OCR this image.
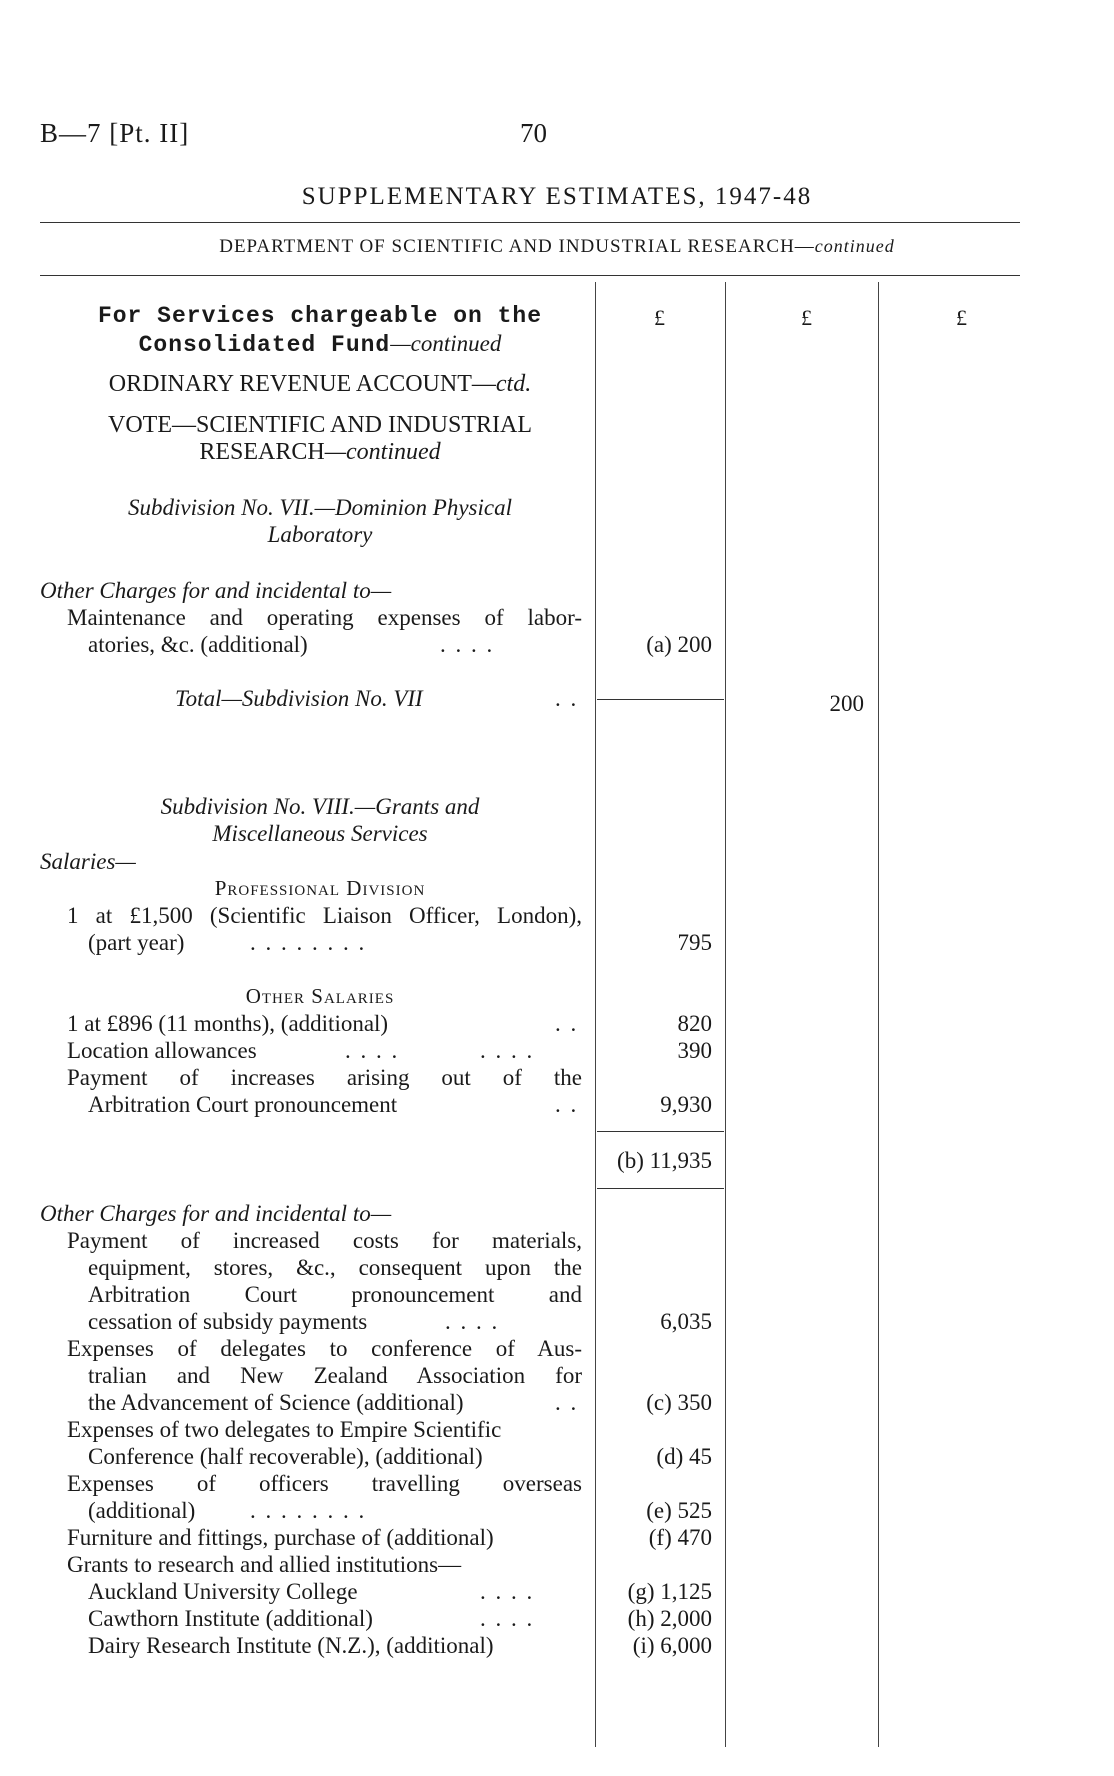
B—7 [Pt. II]	70
SUPPLEMENTARY ESTIMATES, 1947-48
DEPARTMENT OF SCIENTIFIC AND INDUSTRIAL RESEARCH—continued
£	£	£
For Services chargeable on the
Consolidated Fund—continued
ORDINARY REVENUE ACCOUNT—ctd.
VOTE—SCIENTIFIC AND INDUSTRIAL
RESEARCH—continued
Subdivision No. VII.—Dominion Physical
Laboratory
Other Charges for and incidental to—
Maintenance and operating expenses of labor-
atories, &c. (additional)	. . . .	(a) 200
Total—Subdivision No. VII	. .	200
Subdivision No. VIII.—Grants and
Miscellaneous Services
Salaries—
Professional Division
1 at £1,500 (Scientific Liaison Officer, London),
(part year)	. . . . . . . .	795
Other Salaries
1 at £896 (11 months), (additional)	. .	820
Location allowances	. . . .	. . . .	390
Payment of increases arising out of the
Arbitration Court pronouncement	. .	9,930
(b) 11,935
Other Charges for and incidental to—
Payment of increased costs for materials,
equipment, stores, &c., consequent upon the
Arbitration Court pronouncement and
cessation of subsidy payments	. . . .	6,035
Expenses of delegates to conference of Aus-
tralian and New Zealand Association for
the Advancement of Science (additional)	. .	(c) 350
Expenses of two delegates to Empire Scientific
Conference (half recoverable), (additional)	(d) 45
Expenses of officers travelling overseas
(additional) . . . . . . . .	(e) 525
Furniture and fittings, purchase of (additional)	(f) 470
Grants to research and allied institutions—
Auckland University College	. . . .	(g) 1,125
Cawthorn Institute (additional)	. . . .	(h) 2,000
Dairy Research Institute (N.Z.), (additional)	(i) 6,000
